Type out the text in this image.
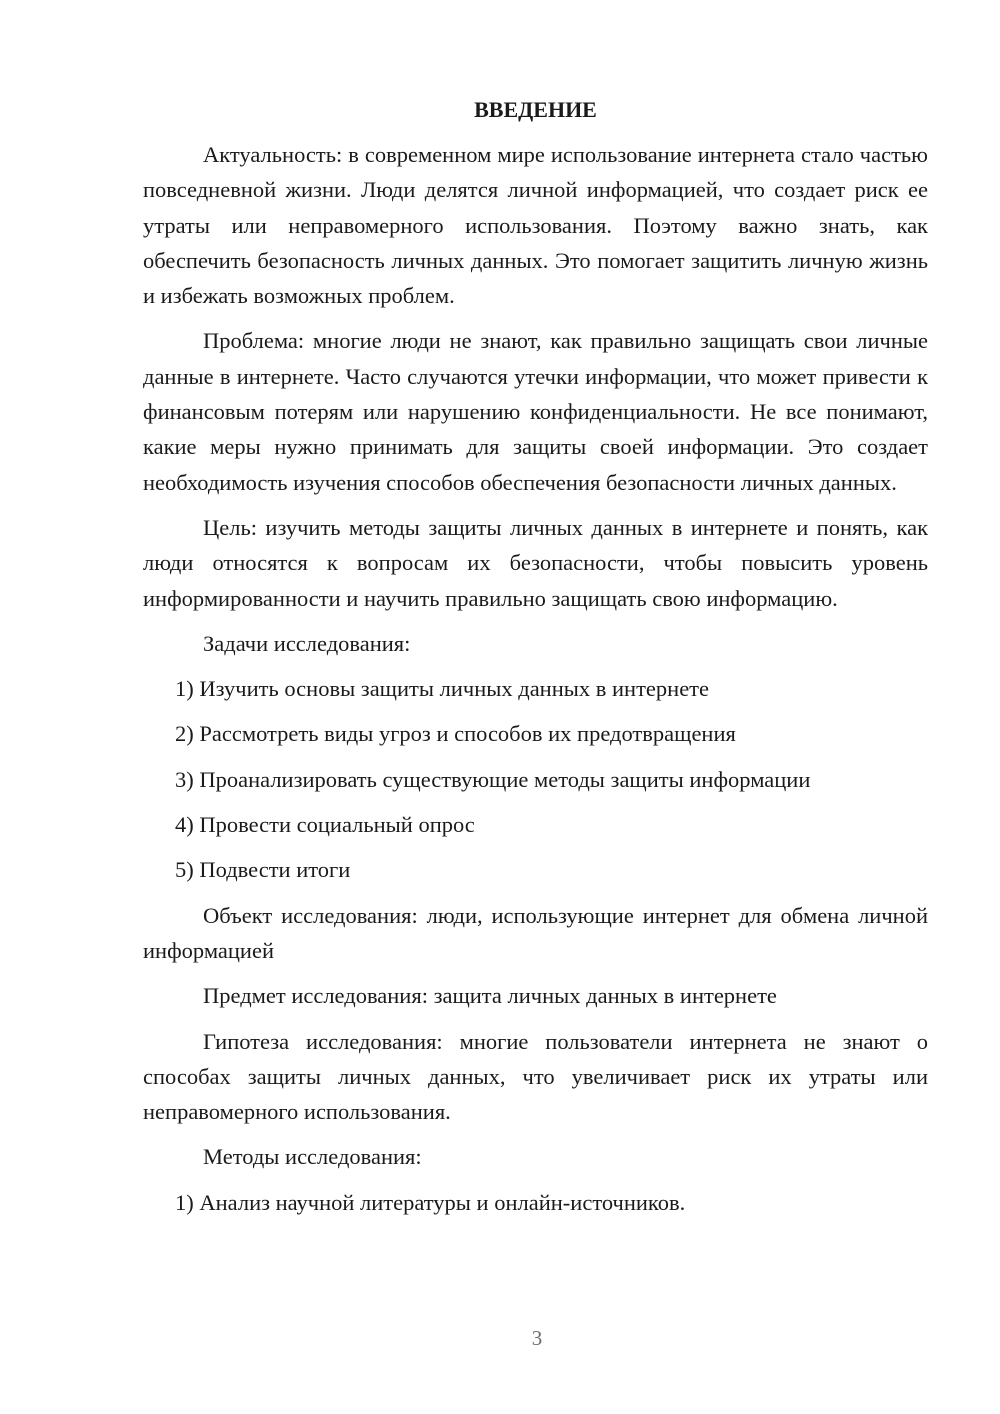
ВВЕДЕНИЕ
Актуальность: в современном мире использование интернета стало частью повседневной жизни. Люди делятся личной информацией, что создает риск ее утраты или неправомерного использования. Поэтому важно знать, как обеспечить безопасность личных данных. Это помогает защитить личную жизнь и избежать возможных проблем.
Проблема: многие люди не знают, как правильно защищать свои личные данные в интернете. Часто случаются утечки информации, что может привести к финансовым потерям или нарушению конфиденциальности. Не все понимают, какие меры нужно принимать для защиты своей информации. Это создает необходимость изучения способов обеспечения безопасности личных данных.
Цель: изучить методы защиты личных данных в интернете и понять, как люди относятся к вопросам их безопасности, чтобы повысить уровень информированности и научить правильно защищать свою информацию.
Задачи исследования:
1) Изучить основы защиты личных данных в интернете
2) Рассмотреть виды угроз и способов их предотвращения
3) Проанализировать существующие методы защиты информации
4) Провести социальный опрос
5) Подвести итоги
Объект исследования: люди, использующие интернет для обмена личной информацией
Предмет исследования: защита личных данных в интернете
Гипотеза исследования: многие пользователи интернета не знают о способах защиты личных данных, что увеличивает риск их утраты или неправомерного использования.
Методы исследования:
1) Анализ научной литературы и онлайн-источников.
3
